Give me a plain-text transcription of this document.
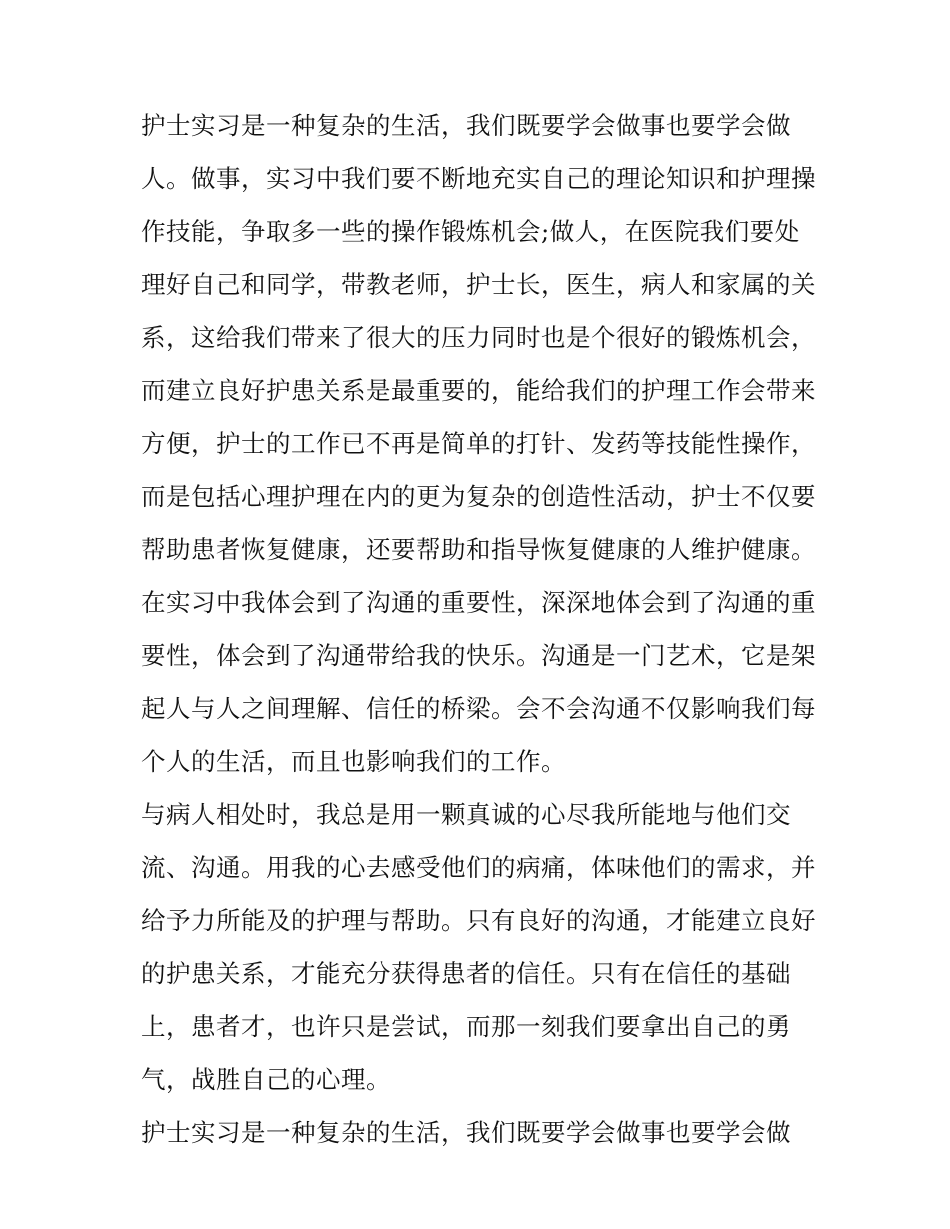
护士实习是一种复杂的生活，我们既要学会做事也要学会做
人。做事，实习中我们要不断地充实自己的理论知识和护理操
作技能，争取多一些的操作锻炼机会;做人，在医院我们要处
理好自己和同学，带教老师，护士长，医生，病人和家属的关
系，这给我们带来了很大的压力同时也是个很好的锻炼机会，
而建立良好护患关系是最重要的，能给我们的护理工作会带来
方便，护士的工作已不再是简单的打针、发药等技能性操作，
而是包括心理护理在内的更为复杂的创造性活动，护士不仅要
帮助患者恢复健康，还要帮助和指导恢复健康的人维护健康。
在实习中我体会到了沟通的重要性，深深地体会到了沟通的重
要性，体会到了沟通带给我的快乐。沟通是一门艺术，它是架
起人与人之间理解、信任的桥梁。会不会沟通不仅影响我们每
个人的生活，而且也影响我们的工作。
与病人相处时，我总是用一颗真诚的心尽我所能地与他们交
流、沟通。用我的心去感受他们的病痛，体味他们的需求，并
给予力所能及的护理与帮助。只有良好的沟通，才能建立良好
的护患关系，才能充分获得患者的信任。只有在信任的基础
上，患者才，也许只是尝试，而那一刻我们要拿出自己的勇
气，战胜自己的心理。
护士实习是一种复杂的生活，我们既要学会做事也要学会做
